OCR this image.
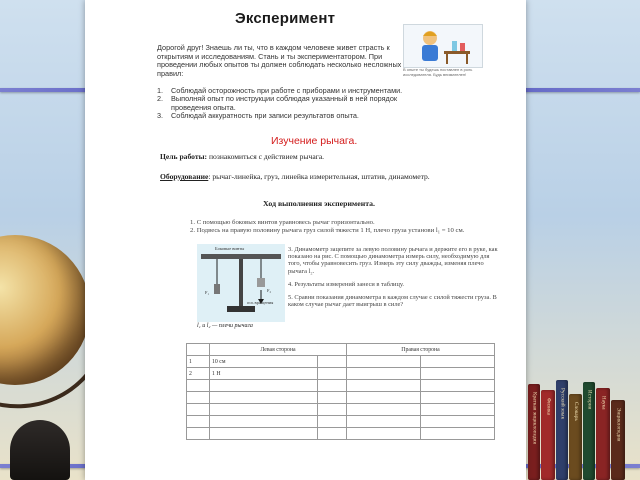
Краткая энциклопедия Физика Русский язык Словарь
История Наука
Энциклопедия
Эксперимент
Дорогой друг! Знаешь ли ты, что в каждом человеке живет страсть к открытиям и исследованиям. Стань и ты экспериментатором. При проведении любых опытов ты должен соблюдать несколько несложных правил:
1. Соблюдай осторожность при работе с приборами и инструментами.
2. Выполняй опыт по инструкции соблюдая указанный в ней порядок проведения опыта.
3. Соблюдай аккуратность при записи результатов опыта.
В опыте ты будешь поставлен в роль исследователя. Будь внимателен!
Изучение рычага.
Цель работы: познакомиться с действием рычага.
Оборудование: рычаг-линейка, груз, линейка измерительная, штатив, динамометр.
Ход выполнения эксперимента.

1. С помощью боковых винтов уравновесь рычаг горизонтально.

2. Подвесь на правую половину рычага груз силой тяжести 1 Н, плечо груза установи l₁ = 10 см.

Боковые винты
F₁	F₂
ось вращения
l₁ и l₂ — плечи рычага

3. Динамометр зацепите за левую половину рычага и держите его в руке, как показано на рис. С помощью динамометра измерь силу, необходимую для того, чтобы уравновесить груз. Измерь эту силу дважды, изменяя плечо рычага l₂.

4. Результаты измерений занеси в таблицу.

5. Сравни показания динамометра в каждом случае с силой тяжести груза. В каком случае рычаг дает выигрыш в силе?

	Левая сторона		Правая сторона	
1	10 см			
2	1 Н			
